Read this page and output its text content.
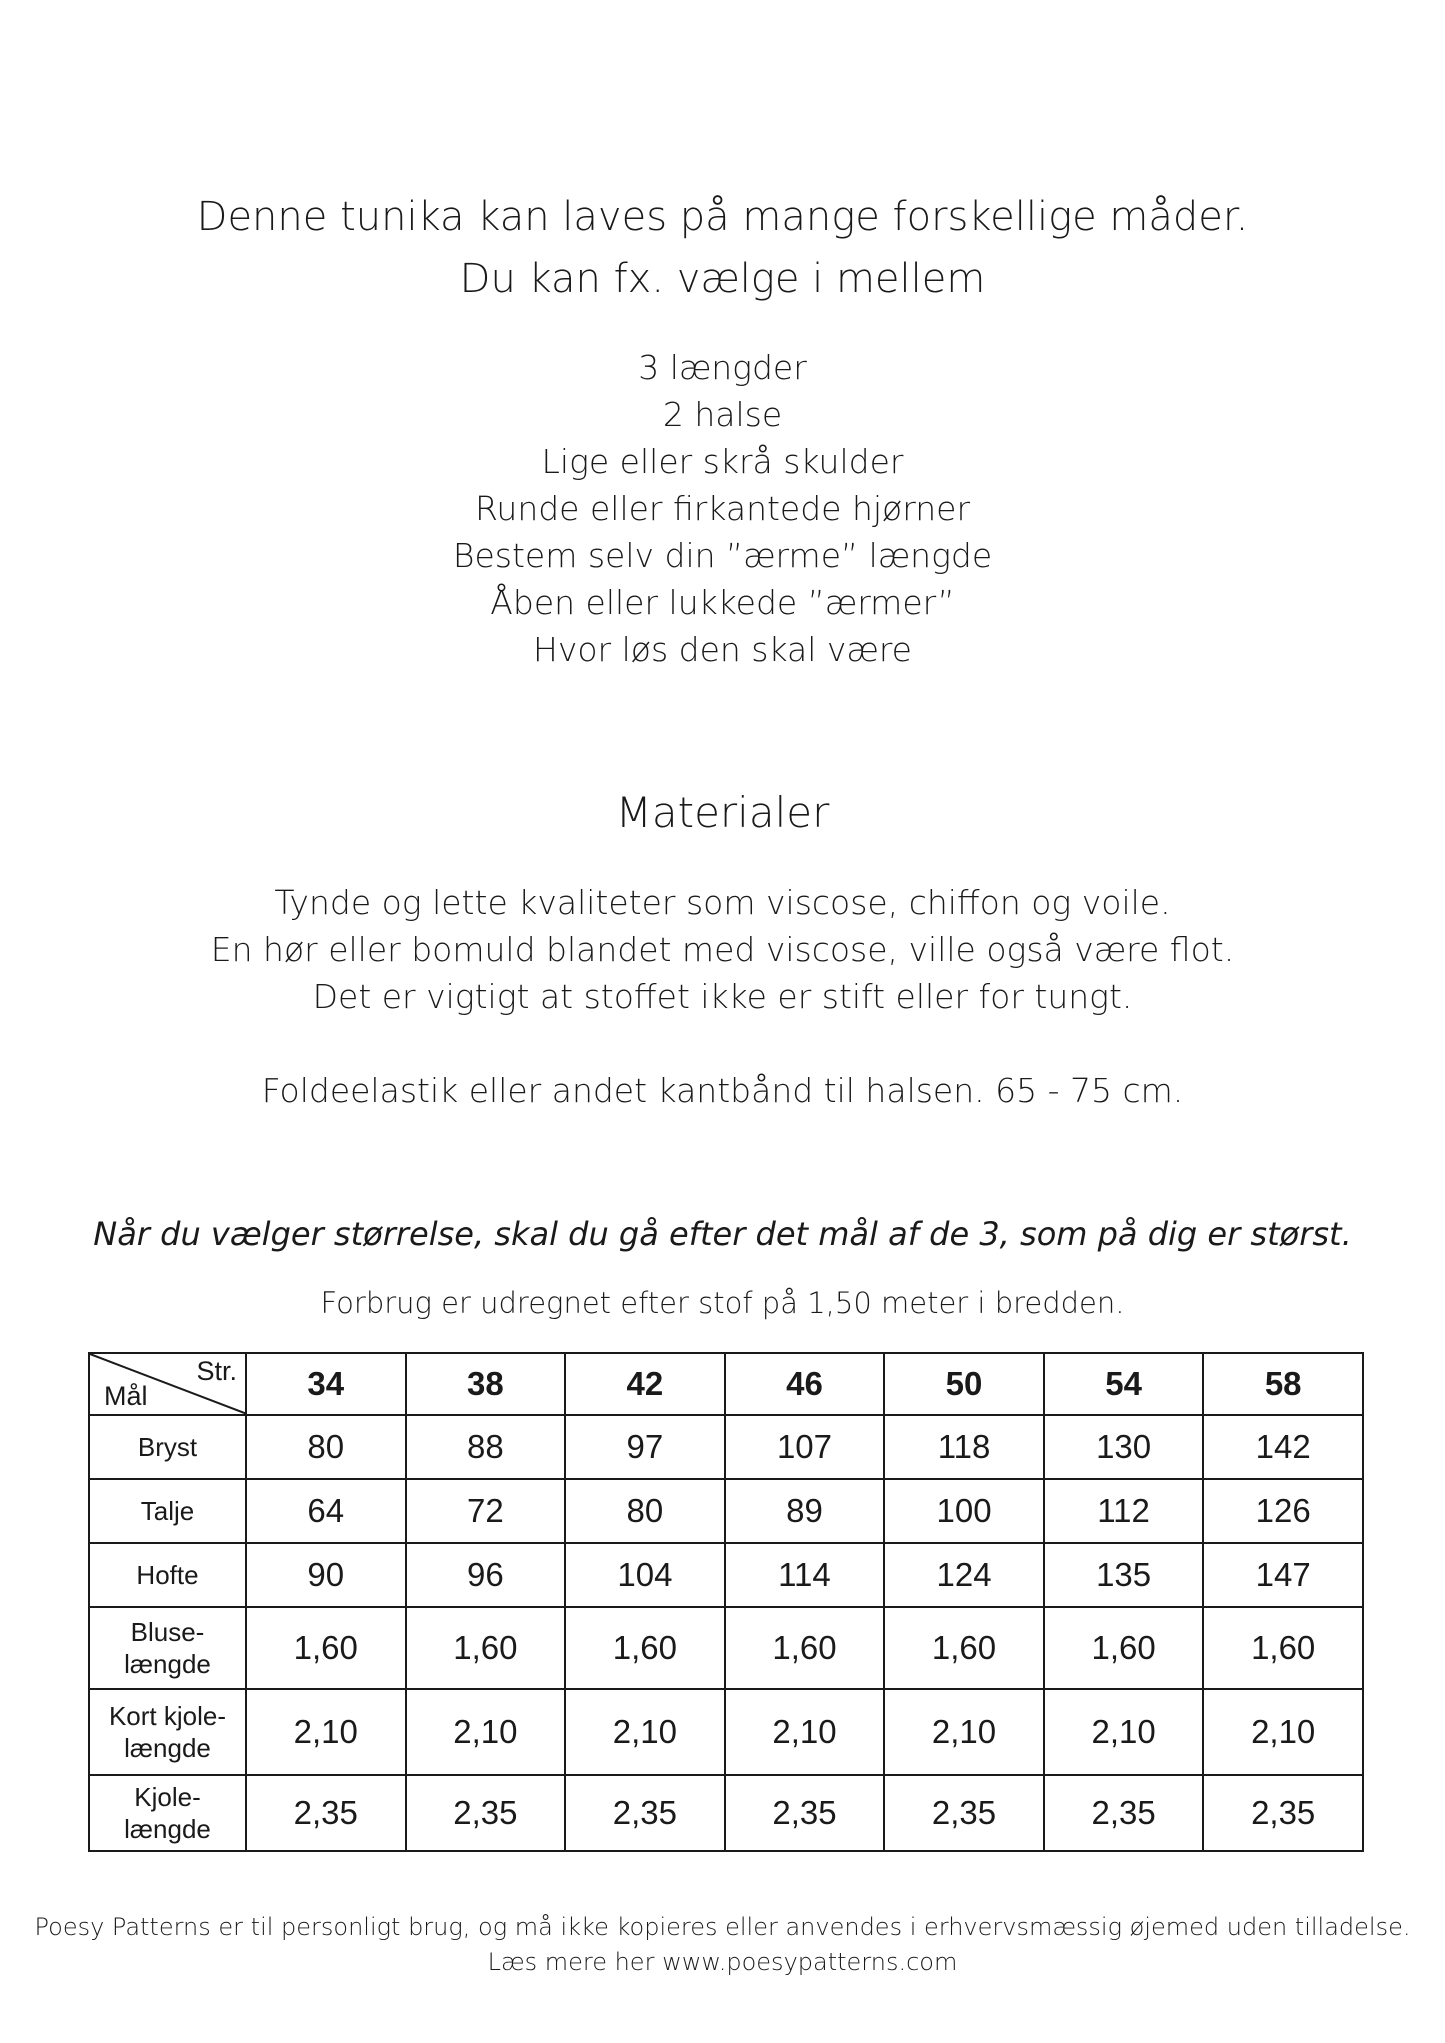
Denne tunika kan laves på mange forskellige måder.
Du kan fx. vælge i mellem
3 længder
2 halse
Lige eller skrå skulder
Runde eller firkantede hjørner
Bestem selv din ”ærme” længde
Åben eller lukkede ”ærmer”
Hvor løs den skal være
Materialer
Tynde og lette kvaliteter som viscose, chiffon og voile.
En hør eller bomuld blandet med viscose, ville også være flot.
Det er vigtigt at stoffet ikke er stift eller for tungt.
Foldeelastik eller andet kantbånd til halsen. 65 - 75 cm.
Når du vælger størrelse, skal du gå efter det mål af de 3, som på dig er størst.
Forbrug er udregnet efter stof på 1,50 meter i bredden.
Str.
Mål	34	38	42	46	50	54	58
Bryst	80	88	97	107	118	130	142
Talje	64	72	80	89	100	112	126
Hofte	90	96	104	114	124	135	147

Bluse-
længde	1,60	1,60	1,60	1,60	1,60	1,60	1,60

Kort kjole-
længde	2,10	2,10	2,10	2,10	2,10	2,10	2,10

Kjole-
længde	2,35	2,35	2,35	2,35	2,35	2,35	2,35
Poesy Patterns er til personligt brug, og må ikke kopieres eller anvendes i erhvervsmæssig øjemed uden tilladelse.
Læs mere her www.poesypatterns.com
